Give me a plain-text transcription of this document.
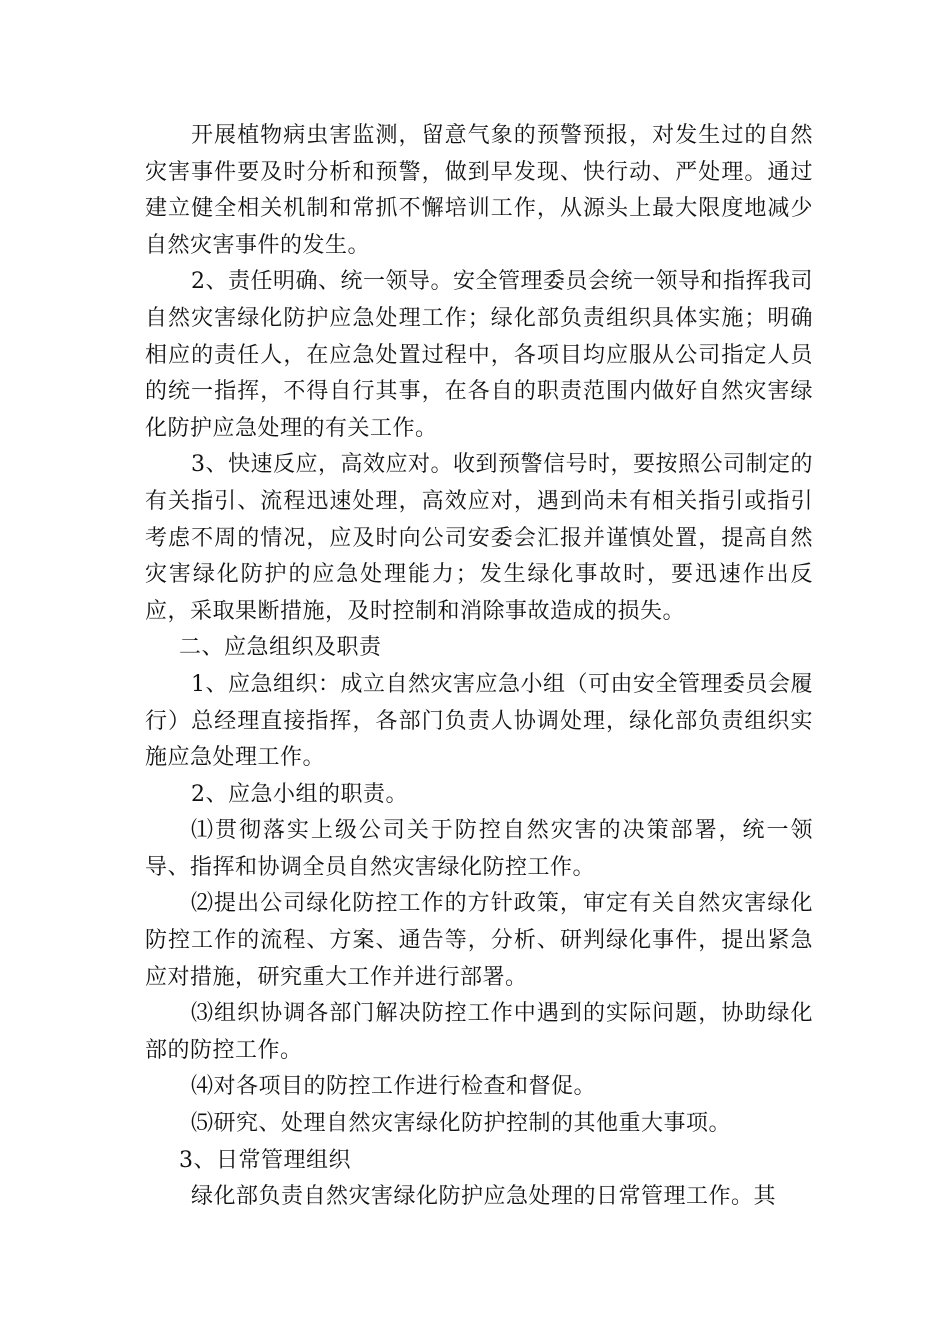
开展植物病虫害监测，留意气象的预警预报，对发生过的自然灾害事件要及时分析和预警，做到早发现、快行动、严处理。通过建立健全相关机制和常抓不懈培训工作，从源头上最大限度地减少自然灾害事件的发生。

2、责任明确、统一领导。安全管理委员会统一领导和指挥我司自然灾害绿化防护应急处理工作；绿化部负责组织具体实施；明确相应的责任人，在应急处置过程中，各项目均应服从公司指定人员的统一指挥，不得自行其事，在各自的职责范围内做好自然灾害绿化防护应急处理的有关工作。

3、快速反应，高效应对。收到预警信号时，要按照公司制定的有关指引、流程迅速处理，高效应对，遇到尚未有相关指引或指引考虑不周的情况，应及时向公司安委会汇报并谨慎处置，提高自然灾害绿化防护的应急处理能力；发生绿化事故时，要迅速作出反应，采取果断措施，及时控制和消除事故造成的损失。

二、应急组织及职责

1、应急组织：成立自然灾害应急小组（可由安全管理委员会履行）总经理直接指挥，各部门负责人协调处理，绿化部负责组织实施应急处理工作。

2、应急小组的职责。

⑴贯彻落实上级公司关于防控自然灾害的决策部署，统一领导、指挥和协调全员自然灾害绿化防控工作。

⑵提出公司绿化防控工作的方针政策，审定有关自然灾害绿化防控工作的流程、方案、通告等，分析、研判绿化事件，提出紧急应对措施，研究重大工作并进行部署。

⑶组织协调各部门解决防控工作中遇到的实际问题，协助绿化部的防控工作。

⑷对各项目的防控工作进行检查和督促。

⑸研究、处理自然灾害绿化防护控制的其他重大事项。

3、日常管理组织

绿化部负责自然灾害绿化防护应急处理的日常管理工作。其
